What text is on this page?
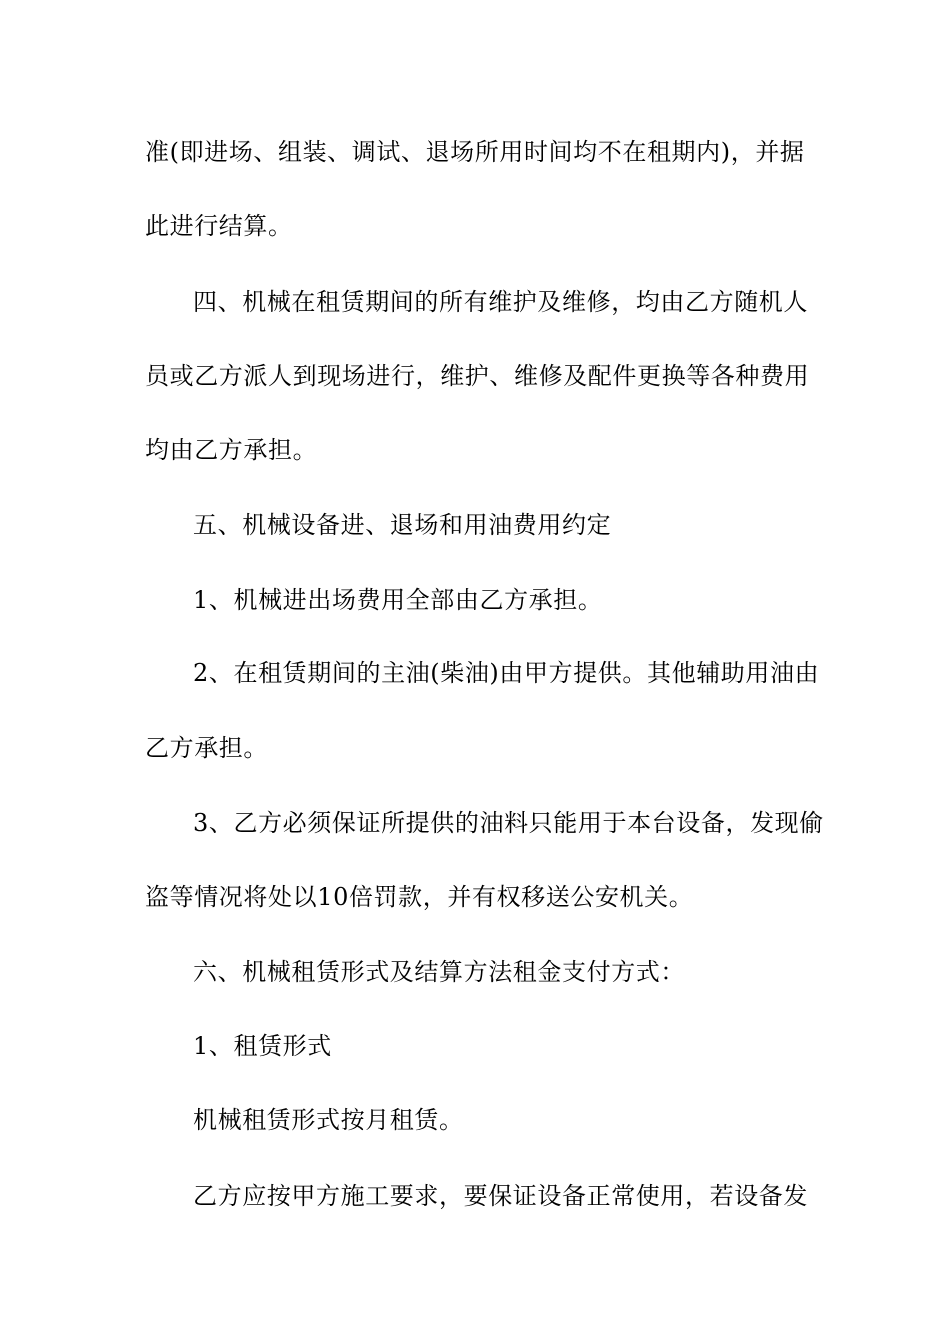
准(即进场、组装、调试、退场所用时间均不在租期内)，并据
此进行结算。
四、机械在租赁期间的所有维护及维修，均由乙方随机人
员或乙方派人到现场进行，维护、维修及配件更换等各种费用
均由乙方承担。
五、机械设备进、退场和用油费用约定
1、机械进出场费用全部由乙方承担。
2、在租赁期间的主油(柴油)由甲方提供。其他辅助用油由
乙方承担。
3、乙方必须保证所提供的油料只能用于本台设备，发现偷
盗等情况将处以10倍罚款，并有权移送公安机关。
六、机械租赁形式及结算方法租金支付方式：
1、租赁形式
机械租赁形式按月租赁。
乙方应按甲方施工要求，要保证设备正常使用，若设备发
